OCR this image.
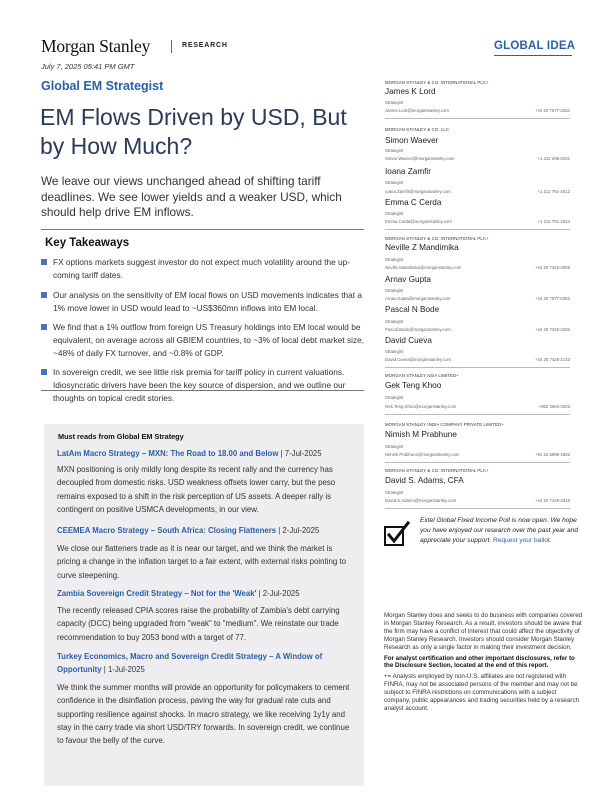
Morgan Stanley	RESEARCH	GLOBAL IDEA
July 7, 2025 05:41 PM GMT
Global EM Strategist
EM Flows Driven by USD, But by How Much?
We leave our views unchanged ahead of shifting tariff deadlines. We see lower yields and a weaker USD, which should help drive EM inflows.
Key Takeaways
FX options markets suggest investor do not expect much volatility around the up-coming tariff dates.
Our analysis on the sensitivity of EM local flows on USD movements indicates that a 1% move lower in USD would lead to ~US$360mn inflows into EM local.
We find that a 1% outflow from foreign US Treasury holdings into EM local would be equivalent, on average across all GBIEM countries, to ~3% of local debt market size, ~48% of daily FX turnover, and ~0.8% of GDP.
In sovereign credit, we see little risk premia for tariff policy in current valuations. Idiosyncratic drivers have been the key source of dispersion, and we outline our thoughts on topical credit stories.
Must reads from Global EM Strategy
LatAm Macro Strategy – MXN: The Road to 18.00 and Below | 7-Jul-2025
MXN positioning is only mildly long despite its recent rally and the currency has decoupled from domestic risks. USD weakness offsets lower carry, but the peso remains exposed to a shift in the risk perception of US assets. A deeper rally is contingent on positive USMCA developments, in our view.
CEEMEA Macro Strategy – South Africa: Closing Flatteners | 2-Jul-2025
We close our flatteners trade as it is near our target, and we think the market is pricing a change in the inflation target to a fair extent, with external risks pointing to curve steepening.
Zambia Sovereign Credit Strategy – Not for the 'Weak' | 2-Jul-2025
The recently released CPIA scores raise the probability of Zambia's debt carrying capacity (DCC) being upgraded from "weak" to "medium". We reinstate our trade recommendation to buy 2053 bond with a target of 77.
Turkey Economics, Macro and Sovereign Credit Strategy – A Window of Opportunity | 1-Jul-2025
We think the summer months will provide an opportunity for policymakers to cement confidence in the disinflation process, paving the way for gradual rate cuts and supporting resilience against shocks. In macro strategy, we like receiving 1y1y and stay in the carry trade via short USD/TRY forwards. In sovereign credit, we continue to favour the belly of the curve.
MORGAN STANLEY & CO. INTERNATIONAL PLC+
James K Lord
Strategist
James.Lord@morganstanley.com	+44 20 7677-3254
MORGAN STANLEY & CO. LLC
Simon Waever
Strategist
Simon.Waever@morganstanley.com	+1 212 296-8101
Ioana Zamfir
Strategist
Ioana.Zamfir@morganstanley.com	+1 212 761-4012
Emma C Cerda
Strategist
Emma.Cerda@morganstanley.com	+1 212 761-2344
MORGAN STANLEY & CO. INTERNATIONAL PLC+
Neville Z Mandimika
Strategist
Neville.Mandimika@morganstanley.com	+44 20 7425-2809
Arnav Gupta
Strategist
Arnav.Gupta@morganstanley.com	+44 20 7677-0382
Pascal N Bode
Strategist
Pascal.Bode@morganstanley.com	+44 20 7425-3282
David Cueva
Strategist
David.Cueva@morganstanley.com	+44 20 7425-2143
MORGAN STANLEY ASIA LIMITED+
Gek Teng Khoo
Strategist
Gek.Teng.Khoo@morganstanley.com	+852 3963-0303
MORGAN STANLEY INDIA COMPANY PRIVATE LIMITED+
Nimish M Prabhune
Strategist
Nimish.Prabhune@morganstanley.com	+91 22 6996-1862
MORGAN STANLEY & CO. INTERNATIONAL PLC+
David S. Adams, CFA
Strategist
David.S.Adams@morganstanley.com	+44 20 7425-3316
Extel Global Fixed Income Poll is now open. We hope you have enjoyed our research over the past year and appreciate your support. Request your ballot.

Morgan Stanley does and seeks to do business with companies covered in Morgan Stanley Research. As a result, investors should be aware that the firm may have a conflict of interest that could affect the objectivity of Morgan Stanley Research. Investors should consider Morgan Stanley Research as only a single factor in making their investment decision.

For analyst certification and other important disclosures, refer to the Disclosure Section, located at the end of this report.

+= Analysts employed by non-U.S. affiliates are not registered with FINRA, may not be associated persons of the member and may not be subject to FINRA restrictions on communications with a subject company, public appearances and trading securities held by a research analyst account.
